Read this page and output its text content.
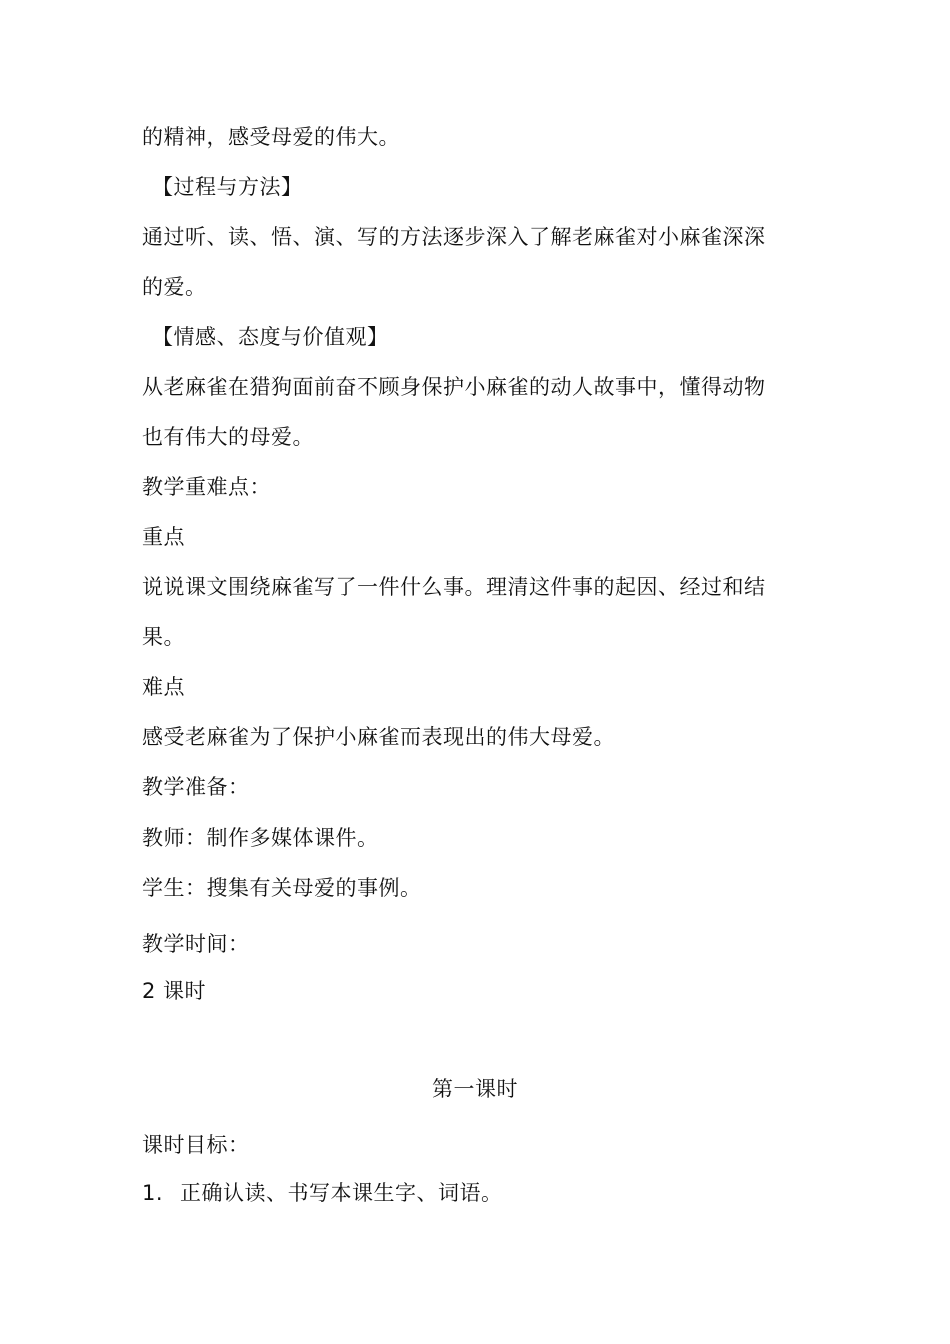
的精神，感受母爱的伟大。
【过程与方法】
通过听、读、悟、演、写的方法逐步深入了解老麻雀对小麻雀深深
的爱。
【情感、态度与价值观】
从老麻雀在猎狗面前奋不顾身保护小麻雀的动人故事中，懂得动物
也有伟大的母爱。
教学重难点：
重点
说说课文围绕麻雀写了一件什么事。理清这件事的起因、经过和结
果。
难点
感受老麻雀为了保护小麻雀而表现出的伟大母爱。
教学准备：
教师：制作多媒体课件。
学生：搜集有关母爱的事例。
教学时间：
2 课时
第一课时
课时目标：
1. 正确认读、书写本课生字、词语。
